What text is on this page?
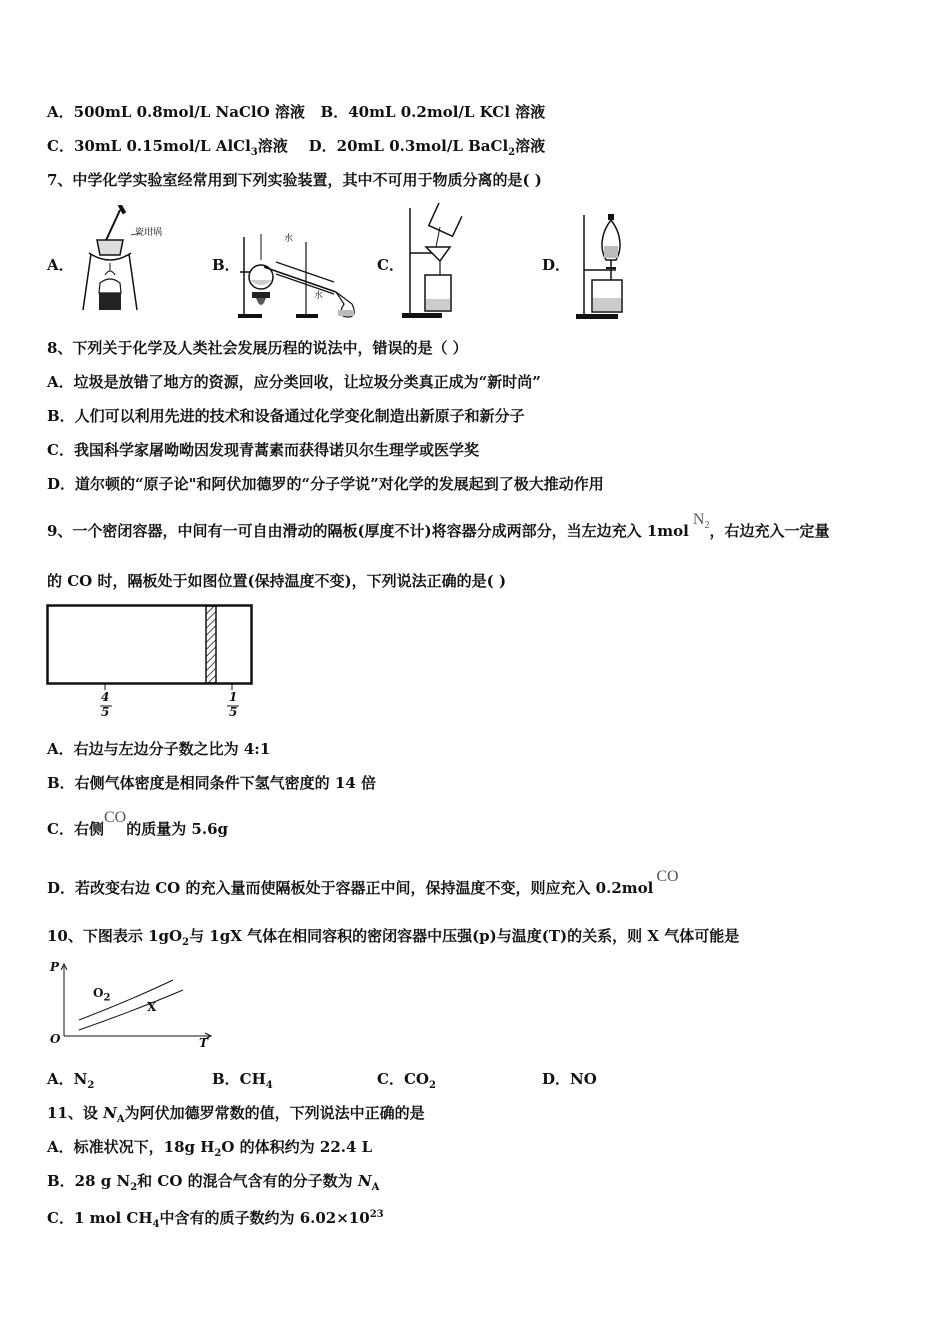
A．500mL 0.8mol/L NaClO 溶液 B．40mL 0.2mol/L KCl 溶液
C．30mL 0.15mol/L AlCl$_3$溶液 D．20mL 0.3mol/L BaCl$_2$溶液
7、中学化学实验室经常用到下列实验装置，其中不可用于物质分离的是( )
A．	B．	C．	D．
瓷坩埚
水
水
8、下列关于化学及人类社会发展历程的说法中，错误的是（ ）
A．垃圾是放错了地方的资源，应分类回收，让垃圾分类真正成为“新时尚”
B．人们可以利用先进的技术和设备通过化学变化制造出新原子和新分子
C．我国科学家屠呦呦因发现青蒿素而获得诺贝尔生理学或医学奖
D．道尔顿的“原子论"和阿伏加德罗的“分子学说”对化学的发展起到了极大推动作用
9、一个密闭容器，中间有一可自由滑动的隔板(厚度不计)将容器分成两部分，当左边充入 1molN$_2$，右边充入一定量
的 CO 时，隔板处于如图位置(保持温度不变)，下列说法正确的是( )
4
5
1
5
A．右边与左边分子数之比为 4:1
B．右侧气体密度是相同条件下氢气密度的 14 倍
C．右侧CO的质量为 5.6g
D．若改变右边 CO 的充入量而使隔板处于容器正中间，保持温度不变，则应充入 0.2molCO
10、下图表示 $1gO_2$与 1gX 气体在相同容积的密闭容器中压强(p)与温度(T)的关系，则 X 气体可能是
P
T
O
$O_2$
X
A．$N_2$	B．$CH_4$	C．$CO_2$	D．NO
11、设 $N_A$为阿伏加德罗常数的值，下列说法中正确的是
A．标准状况下，18g $H_2O$ 的体积约为 22.4 L
B．28 g $N_2$和 CO 的混合气含有的分子数为 $N_A$
C．1 mol $CH_4$中含有的质子数约为 $6.02\times 10^{23}$
